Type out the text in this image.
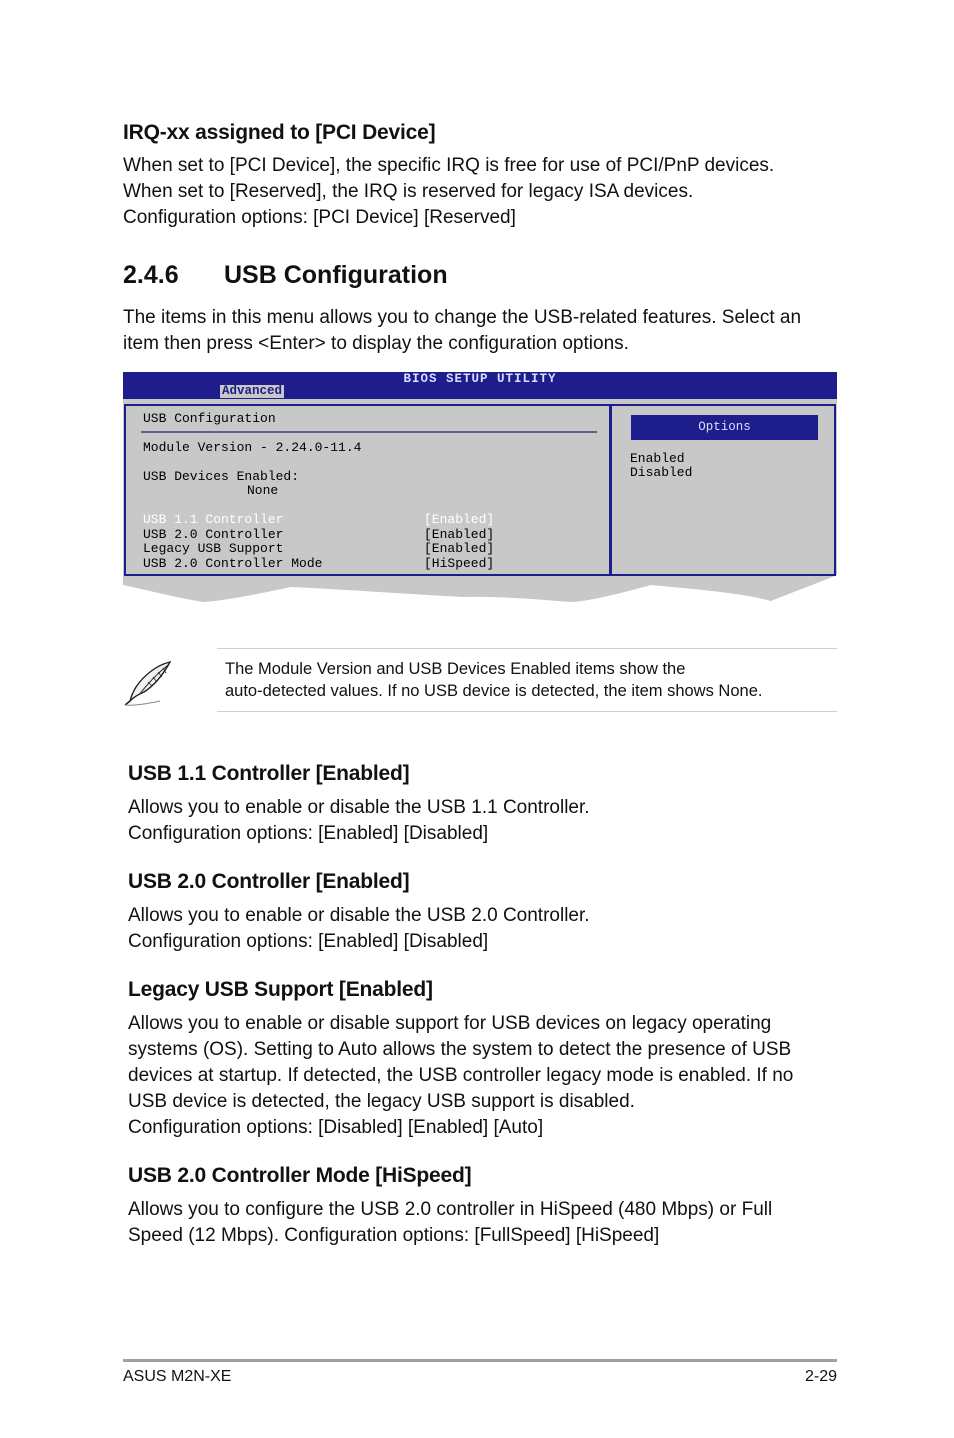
IRQ-xx assigned to [PCI Device]
When set to [PCI Device], the specific IRQ is free for use of PCI/PnP devices.
When set to [Reserved], the IRQ is reserved for legacy ISA devices.
Configuration options: [PCI Device] [Reserved]
2.4.6 USB Configuration
The items in this menu allows you to change the USB-related features. Select an
item then press <Enter> to display the configuration options.
BIOS SETUP UTILITY
Advanced
USB Configuration
Module Version - 2.24.0-11.4
USB Devices Enabled:
None
USB 1.1 Controller	[Enabled]
USB 2.0 Controller	[Enabled]
Legacy USB Support	[Enabled]
USB 2.0 Controller Mode	[HiSpeed]
Options
Enabled
Disabled
The Module Version and USB Devices Enabled items show the
auto-detected values. If no USB device is detected, the item shows None.
USB 1.1 Controller [Enabled]
Allows you to enable or disable the USB 1.1 Controller.
Configuration options: [Enabled] [Disabled]
USB 2.0 Controller [Enabled]
Allows you to enable or disable the USB 2.0 Controller.
Configuration options: [Enabled] [Disabled]
Legacy USB Support [Enabled]
Allows you to enable or disable support for USB devices on legacy operating
systems (OS). Setting to Auto allows the system to detect the presence of USB
devices at startup. If detected, the USB controller legacy mode is enabled. If no
USB device is detected, the legacy USB support is disabled.
Configuration options: [Disabled] [Enabled] [Auto]
USB 2.0 Controller Mode [HiSpeed]
Allows you to configure the USB 2.0 controller in HiSpeed (480 Mbps) or Full
Speed (12 Mbps). Configuration options: [FullSpeed] [HiSpeed]
ASUS M2N-XE	2-29
